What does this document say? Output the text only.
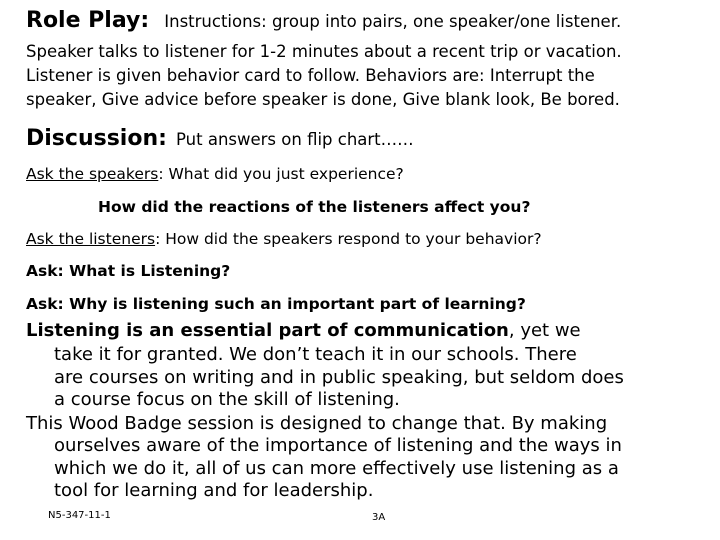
Role Play: Instructions: group into pairs, one speaker/one listener.
Speaker talks to listener for 1-2 minutes about a recent trip or vacation.
Listener is given behavior card to follow. Behaviors are: Interrupt the
speaker, Give advice before speaker is done, Give blank look, Be bored.
Discussion: Put answers on flip chart……
Ask the speakers: What did you just experience?
How did the reactions of the listeners affect you?
Ask the listeners: How did the speakers respond to your behavior?
Ask: What is Listening?
Ask: Why is listening such an important part of learning?
Listening is an essential part of communication, yet we
take it for granted. We don’t teach it in our schools. There
are courses on writing and in public speaking, but seldom does
a course focus on the skill of listening.
This Wood Badge session is designed to change that. By making
ourselves aware of the importance of listening and the ways in
which we do it, all of us can more effectively use listening as a
tool for learning and for leadership.
N5-347-11-1	3A
